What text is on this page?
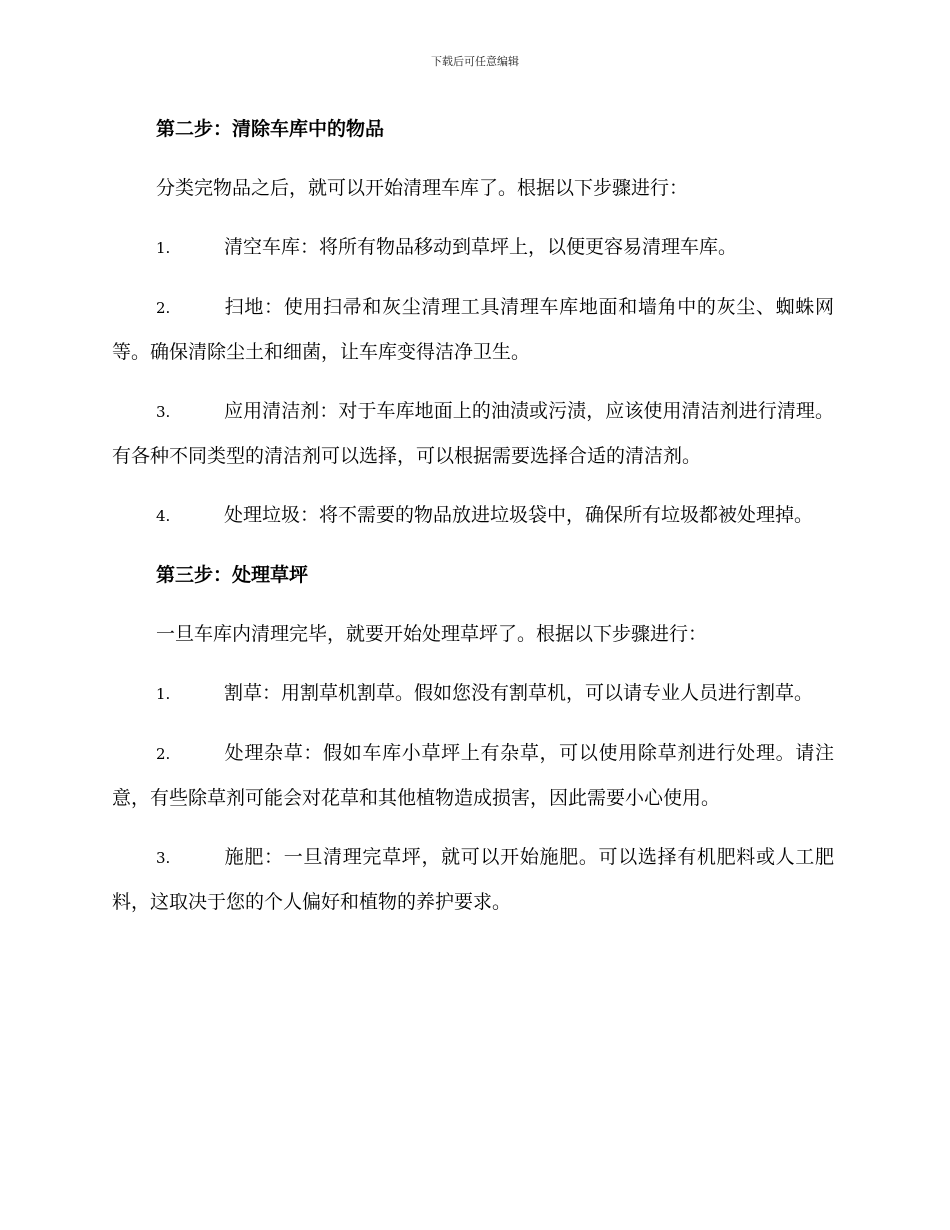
下载后可任意编辑
第二步：清除车库中的物品
分类完物品之后，就可以开始清理车库了。根据以下步骤进行：
1.	清空车库：将所有物品移动到草坪上，以便更容易清理车库。
2.	扫地：使用扫帚和灰尘清理工具清理车库地面和墙角中的灰尘、蜘蛛网等。确保清除尘土和细菌，让车库变得洁净卫生。
3.	应用清洁剂：对于车库地面上的油渍或污渍，应该使用清洁剂进行清理。有各种不同类型的清洁剂可以选择，可以根据需要选择合适的清洁剂。
4.	处理垃圾：将不需要的物品放进垃圾袋中，确保所有垃圾都被处理掉。
第三步：处理草坪
一旦车库内清理完毕，就要开始处理草坪了。根据以下步骤进行：
1.	割草：用割草机割草。假如您没有割草机，可以请专业人员进行割草。
2.	处理杂草：假如车库小草坪上有杂草，可以使用除草剂进行处理。请注意，有些除草剂可能会对花草和其他植物造成损害，因此需要小心使用。
3.	施肥：一旦清理完草坪，就可以开始施肥。可以选择有机肥料或人工肥料，这取决于您的个人偏好和植物的养护要求。
